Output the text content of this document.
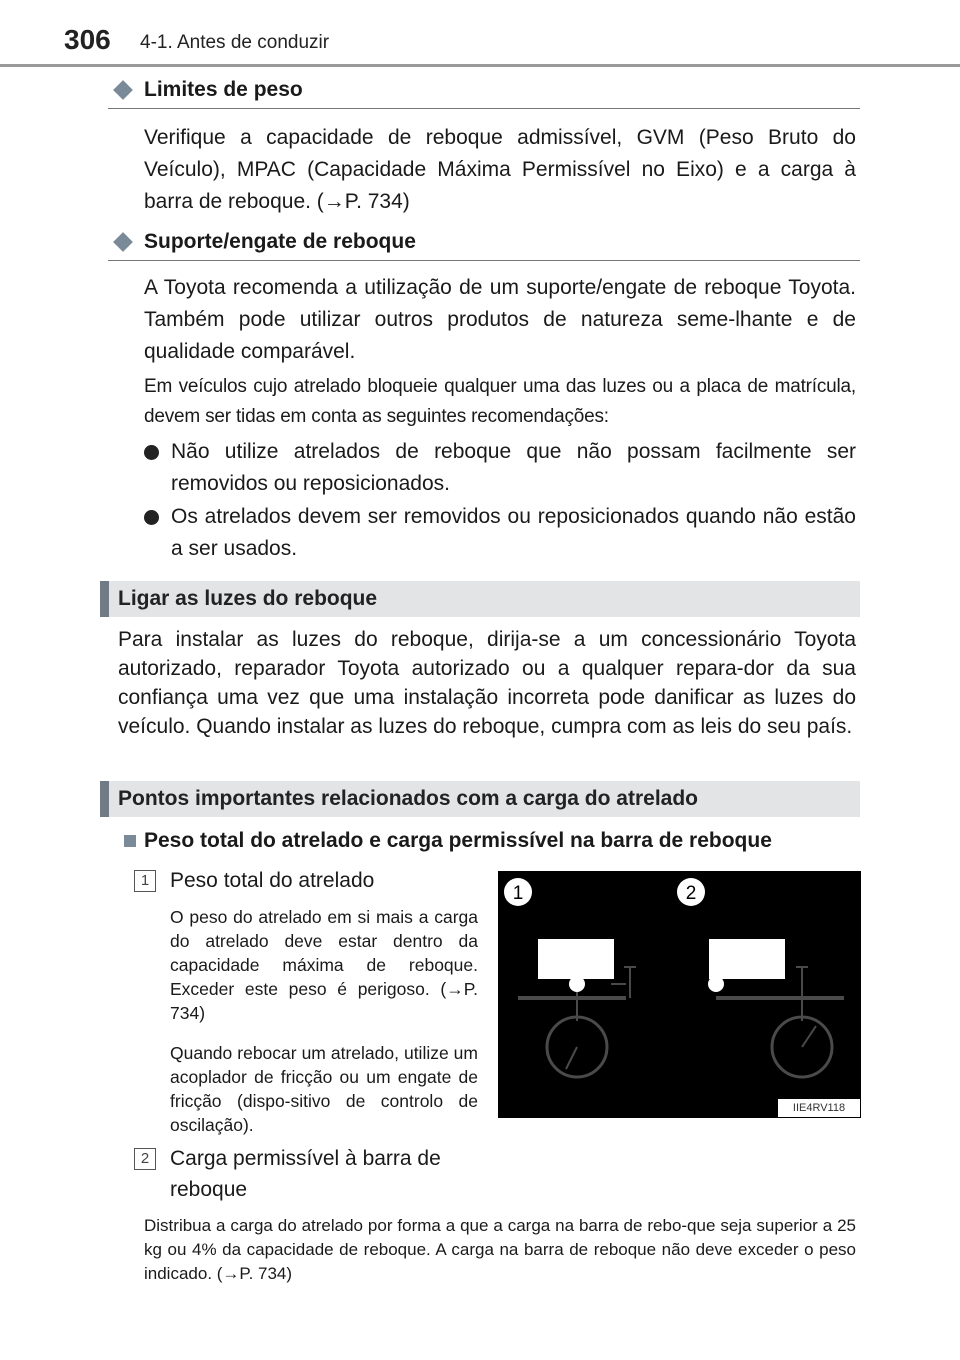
306 4-1. Antes de conduzir
Limites de peso
Verifique a capacidade de reboque admissível, GVM (Peso Bruto do Veículo), MPAC (Capacidade Máxima Permissível no Eixo) e a carga à barra de reboque. (→P. 734)
Suporte/engate de reboque
A Toyota recomenda a utilização de um suporte/engate de reboque Toyota. Também pode utilizar outros produtos de natureza seme-lhante e de qualidade comparável.
Em veículos cujo atrelado bloqueie qualquer uma das luzes ou a placa de matrícula, devem ser tidas em conta as seguintes recomendações:
Não utilize atrelados de reboque que não possam facilmente ser removidos ou reposicionados.
Os atrelados devem ser removidos ou reposicionados quando não estão a ser usados.
Ligar as luzes do reboque
Para instalar as luzes do reboque, dirija-se a um concessionário Toyota autorizado, reparador Toyota autorizado ou a qualquer repara-dor da sua confiança uma vez que uma instalação incorreta pode danificar as luzes do veículo. Quando instalar as luzes do reboque, cumpra com as leis do seu país.
Pontos importantes relacionados com a carga do atrelado
Peso total do atrelado e carga permissível na barra de reboque
1 Peso total do atrelado
O peso do atrelado em si mais a carga do atrelado deve estar dentro da capacidade máxima de reboque. Exceder este peso é perigoso. (→P. 734)
Quando rebocar um atrelado, utilize um acoplador de fricção ou um engate de fricção (dispo-sitivo de controlo de oscilação).
2 Carga permissível à barra de reboque
Distribua a carga do atrelado por forma a que a carga na barra de rebo-que seja superior a 25 kg ou 4% da capacidade de reboque. A carga na barra de reboque não deve exceder o peso indicado. (→P. 734)
1	2
IIE4RV118
